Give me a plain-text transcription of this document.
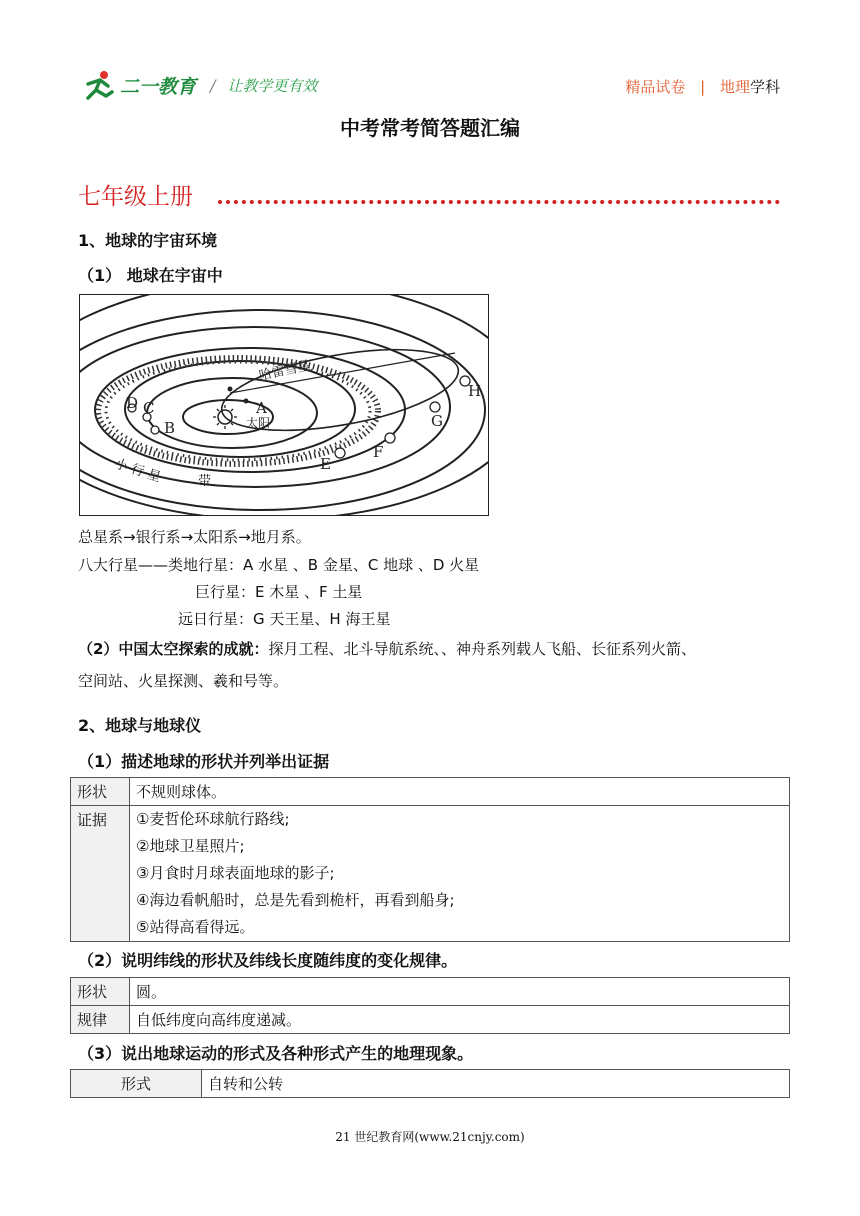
二一教育 / 让教学更有效	精品试卷 | 地理学科
中考常考简答题汇编
七年级上册
1、地球的宇宙环境
（1） 地球在宇宙中
A
B
C
D
E
F
G
H
太阳
哈雷彗星
小 行 星	带
总星系→银行系→太阳系→地月系。
八大行星——类地行星：A 水星 、B 金星、C 地球 、D 火星
巨行星：E 木星 、F 土星
远日行星：G 天王星、H 海王星
（2）中国太空探索的成就：探月工程、北斗导航系统、、神舟系列载人飞船、长征系列火箭、
空间站、火星探测、羲和号等。
2、地球与地球仪
（1）描述地球的形状并列举出证据
形状	不规则球体。
证据	①麦哲伦环球航行路线;
②地球卫星照片;
③月食时月球表面地球的影子;
④海边看帆船时，总是先看到桅杆，再看到船身;
⑤站得高看得远。
（2）说明纬线的形状及纬线长度随纬度的变化规律。
形状	圆。
规律	自低纬度向高纬度递减。
（3）说出地球运动的形式及各种形式产生的地理现象。
形式	自转和公转
21 世纪教育网(www.21cnjy.com)
